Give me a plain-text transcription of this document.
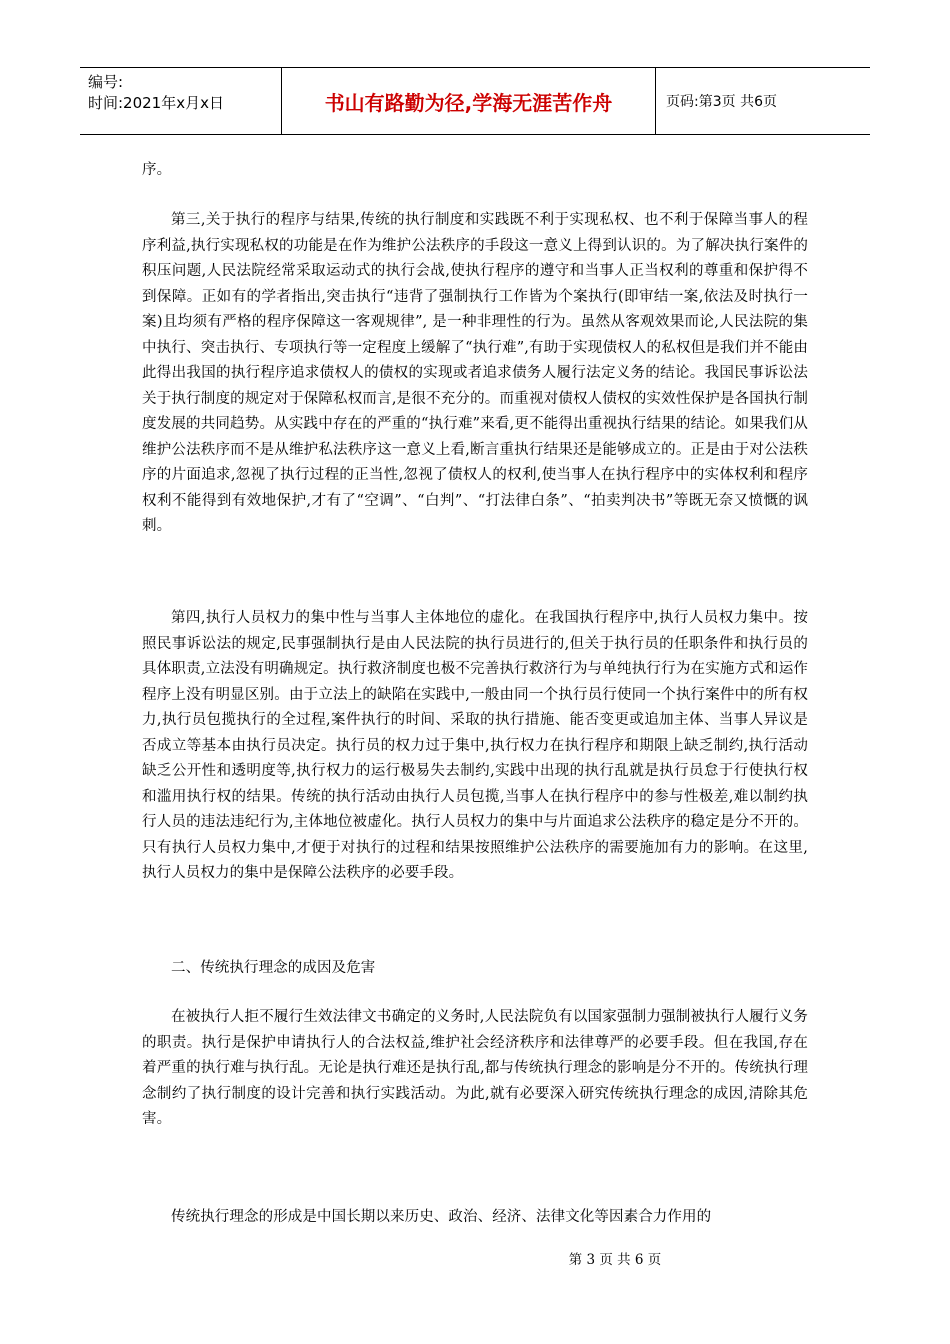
编号:
时间:2021年x月x日	书山有路勤为径,学海无涯苦作舟	页码:第3页 共6页

序。

第三,关于执行的程序与结果,传统的执行制度和实践既不利于实现私权、也不利于保障当事人的程序利益,执行实现私权的功能是在作为维护公法秩序的手段这一意义上得到认识的。为了解决执行案件的积压问题,人民法院经常采取运动式的执行会战,使执行程序的遵守和当事人正当权利的尊重和保护得不到保障。正如有的学者指出,突击执行“违背了强制执行工作皆为个案执行(即审结一案,依法及时执行一案)且均须有严格的程序保障这一客观规律”, 是一种非理性的行为。虽然从客观效果而论,人民法院的集中执行、突击执行、专项执行等一定程度上缓解了“执行难”,有助于实现债权人的私权但是我们并不能由此得出我国的执行程序追求债权人的债权的实现或者追求债务人履行法定义务的结论。我国民事诉讼法关于执行制度的规定对于保障私权而言,是很不充分的。而重视对债权人债权的实效性保护是各国执行制度发展的共同趋势。从实践中存在的严重的“执行难”来看,更不能得出重视执行结果的结论。如果我们从维护公法秩序而不是从维护私法秩序这一意义上看,断言重执行结果还是能够成立的。正是由于对公法秩序的片面追求,忽视了执行过程的正当性,忽视了债权人的权利,使当事人在执行程序中的实体权利和程序权利不能得到有效地保护,才有了“空调”、“白判”、“打法律白条”、“拍卖判决书”等既无奈又愤慨的讽刺。

第四,执行人员权力的集中性与当事人主体地位的虚化。在我国执行程序中,执行人员权力集中。按照民事诉讼法的规定,民事强制执行是由人民法院的执行员进行的,但关于执行员的任职条件和执行员的具体职责,立法没有明确规定。执行救济制度也极不完善执行救济行为与单纯执行行为在实施方式和运作程序上没有明显区别。由于立法上的缺陷在实践中,一般由同一个执行员行使同一个执行案件中的所有权力,执行员包揽执行的全过程,案件执行的时间、采取的执行措施、能否变更或追加主体、当事人异议是否成立等基本由执行员决定。执行员的权力过于集中,执行权力在执行程序和期限上缺乏制约,执行活动缺乏公开性和透明度等,执行权力的运行极易失去制约,实践中出现的执行乱就是执行员怠于行使执行权和滥用执行权的结果。传统的执行活动由执行人员包揽,当事人在执行程序中的参与性极差,难以制约执行人员的违法违纪行为,主体地位被虚化。执行人员权力的集中与片面追求公法秩序的稳定是分不开的。只有执行人员权力集中,才便于对执行的过程和结果按照维护公法秩序的需要施加有力的影响。在这里,执行人员权力的集中是保障公法秩序的必要手段。

二、传统执行理念的成因及危害

在被执行人拒不履行生效法律文书确定的义务时,人民法院负有以国家强制力强制被执行人履行义务的职责。执行是保护申请执行人的合法权益,维护社会经济秩序和法律尊严的必要手段。但在我国,存在着严重的执行难与执行乱。无论是执行难还是执行乱,都与传统执行理念的影响是分不开的。传统执行理念制约了执行制度的设计完善和执行实践活动。为此,就有必要深入研究传统执行理念的成因,清除其危害。

传统执行理念的形成是中国长期以来历史、政治、经济、法律文化等因素合力作用的

第 3 页 共 6 页
